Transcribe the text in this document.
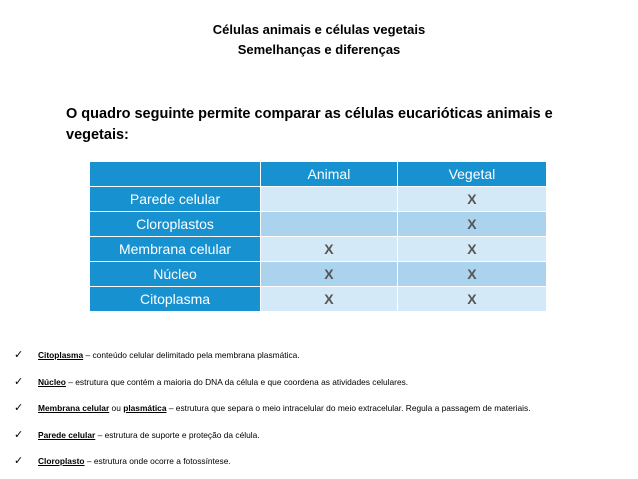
Células animais e células vegetais
Semelhanças e diferenças
O quadro seguinte permite comparar as células eucarióticas animais e vegetais:
	Animal	Vegetal
Parede celular		X
Cloroplastos		X
Membrana celular	X	X
Núcleo	X	X
Citoplasma	X	X
✓	Citoplasma – conteúdo celular delimitado pela membrana plasmática.
✓	Núcleo – estrutura que contém a maioria do DNA da célula e que coordena as atividades celulares.
✓	Membrana celular ou plasmática – estrutura que separa o meio intracelular do meio extracelular. Regula a passagem de materiais.
✓	Parede celular – estrutura de suporte e proteção da célula.
✓	Cloroplasto – estrutura onde ocorre a fotossíntese.
